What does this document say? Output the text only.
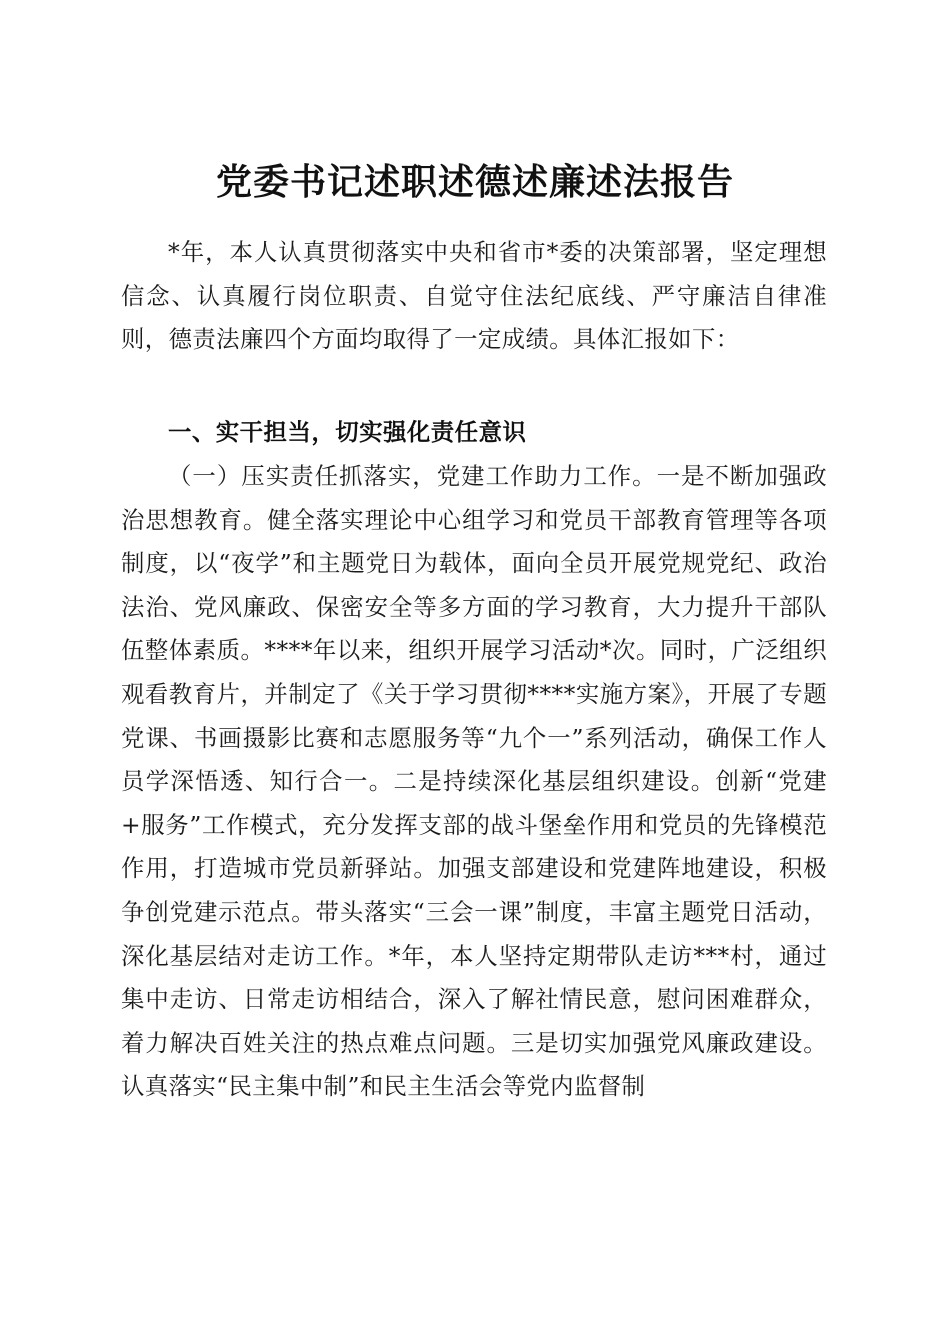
党委书记述职述德述廉述法报告

*年，本人认真贯彻落实中央和省市*委的决策部署，坚定理想信念、认真履行岗位职责、自觉守住法纪底线、严守廉洁自律准则，德责法廉四个方面均取得了一定成绩。具体汇报如下：

一、实干担当，切实强化责任意识

（一）压实责任抓落实，党建工作助力工作。一是不断加强政治思想教育。健全落实理论中心组学习和党员干部教育管理等各项制度，以“夜学”和主题党日为载体，面向全员开展党规党纪、政治法治、党风廉政、保密安全等多方面的学习教育，大力提升干部队伍整体素质。****年以来，组织开展学习活动*次。同时，广泛组织观看教育片，并制定了《关于学习贯彻****实施方案》，开展了专题党课、书画摄影比赛和志愿服务等“九个一”系列活动，确保工作人员学深悟透、知行合一。二是持续深化基层组织建设。创新“党建+服务”工作模式，充分发挥支部的战斗堡垒作用和党员的先锋模范作用，打造城市党员新驿站。加强支部建设和党建阵地建设，积极争创党建示范点。带头落实“三会一课”制度，丰富主题党日活动，深化基层结对走访工作。*年，本人坚持定期带队走访***村，通过集中走访、日常走访相结合，深入了解社情民意，慰问困难群众，着力解决百姓关注的热点难点问题。三是切实加强党风廉政建设。认真落实“民主集中制”和民主生活会等党内监督制
